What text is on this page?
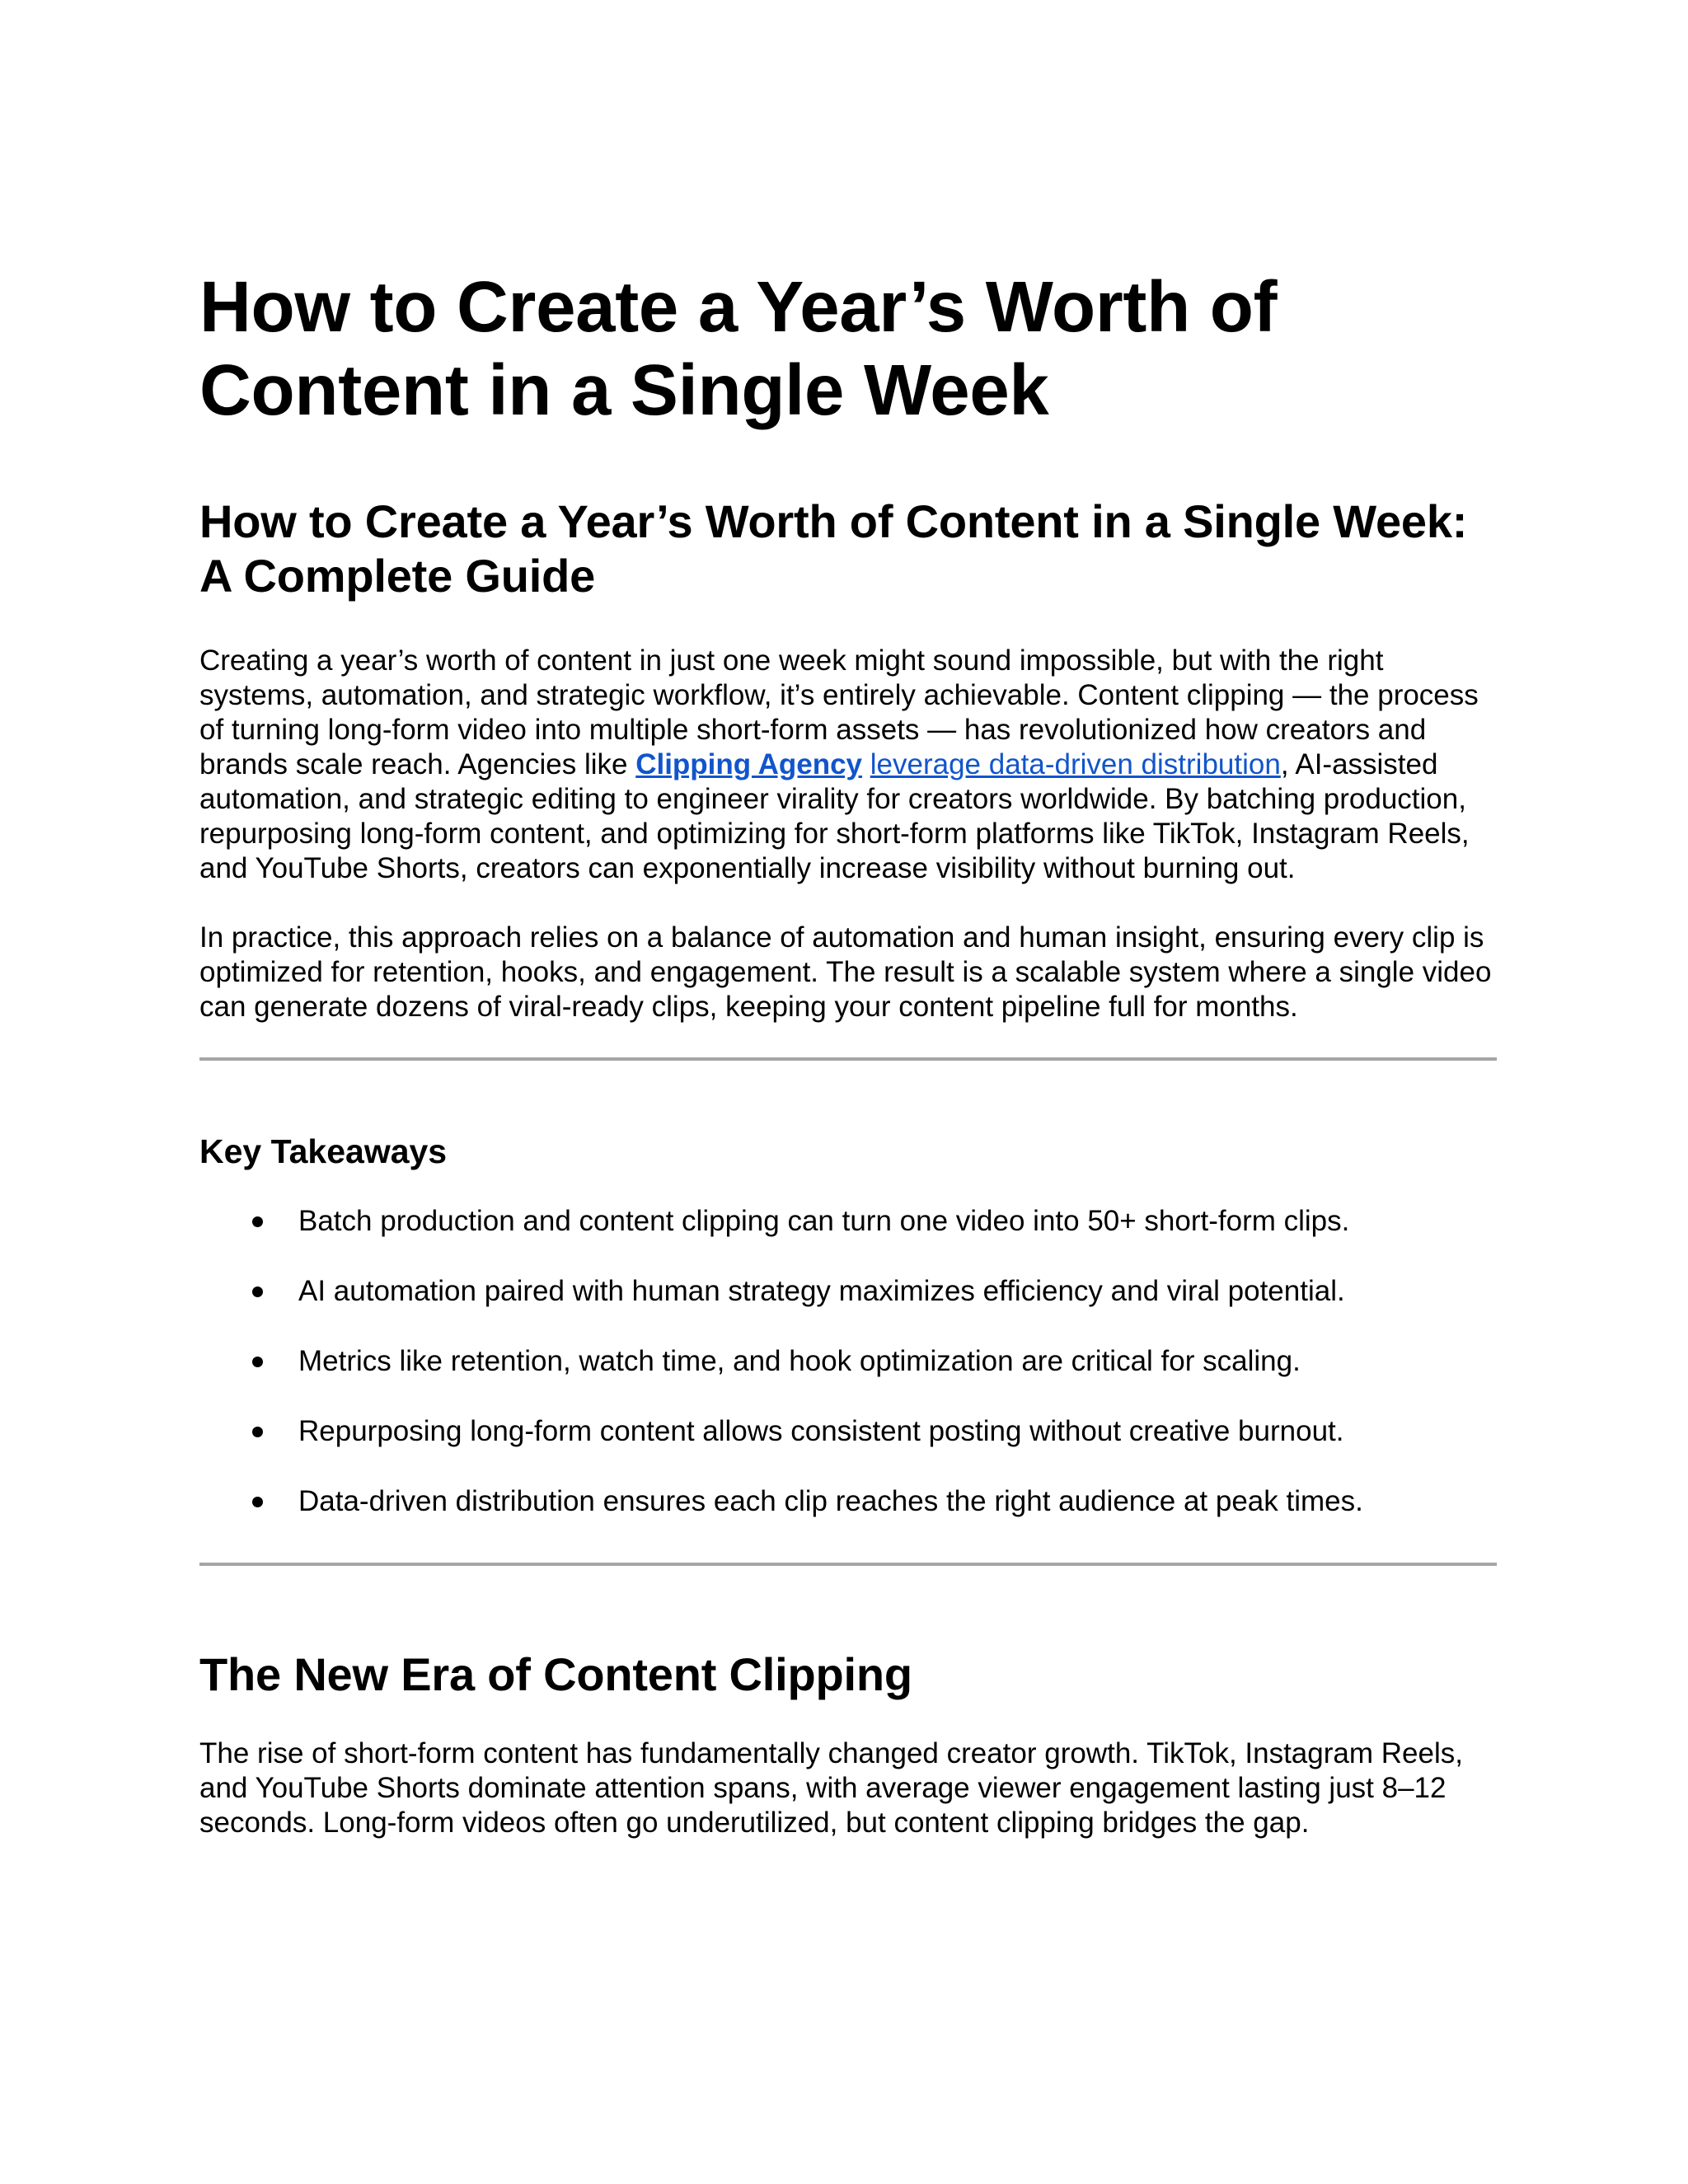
How to Create a Year’s Worth of Content in a Single Week
How to Create a Year’s Worth of Content in a Single Week: A Complete Guide

Creating a year’s worth of content in just one week might sound impossible, but with the right systems, automation, and strategic workflow, it’s entirely achievable. Content clipping — the process of turning long-form video into multiple short-form assets — has revolutionized how creators and brands scale reach. Agencies like Clipping Agency leverage data-driven distribution, AI-assisted automation, and strategic editing to engineer virality for creators worldwide. By batching production, repurposing long-form content, and optimizing for short-form platforms like TikTok, Instagram Reels, and YouTube Shorts, creators can exponentially increase visibility without burning out.

In practice, this approach relies on a balance of automation and human insight, ensuring every clip is optimized for retention, hooks, and engagement. The result is a scalable system where a single video can generate dozens of viral-ready clips, keeping your content pipeline full for months.

Key Takeaways
Batch production and content clipping can turn one video into 50+ short-form clips.
AI automation paired with human strategy maximizes efficiency and viral potential.
Metrics like retention, watch time, and hook optimization are critical for scaling.
Repurposing long-form content allows consistent posting without creative burnout.
Data-driven distribution ensures each clip reaches the right audience at peak times.
The New Era of Content Clipping

The rise of short-form content has fundamentally changed creator growth. TikTok, Instagram Reels, and YouTube Shorts dominate attention spans, with average viewer engagement lasting just 8–12 seconds. Long-form videos often go underutilized, but content clipping bridges the gap.
